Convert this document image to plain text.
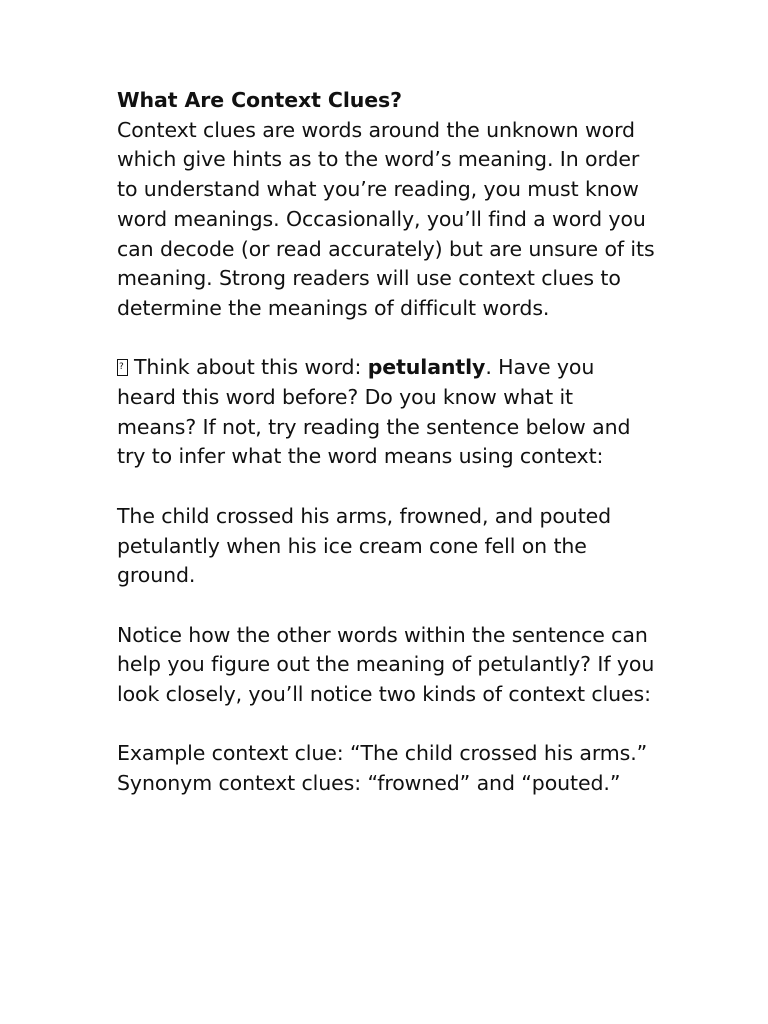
What Are Context Clues?

Context clues are words around the unknown word which give hints as to the word’s meaning. In order to understand what you’re reading, you must know word meanings. Occasionally, you’ll find a word you can decode (or read accurately) but are unsure of its meaning. Strong readers will use context clues to determine the meanings of difficult words.

?Think about this word: petulantly. Have you heard this word before? Do you know what it means? If not, try reading the sentence below and try to infer what the word means using context:

The child crossed his arms, frowned, and pouted petulantly when his ice cream cone fell on the ground.

Notice how the other words within the sentence can help you figure out the meaning of petulantly? If you look closely, you’ll notice two kinds of context clues:

Example context clue: “The child crossed his arms.”

Synonym context clues: “frowned” and “pouted.”
